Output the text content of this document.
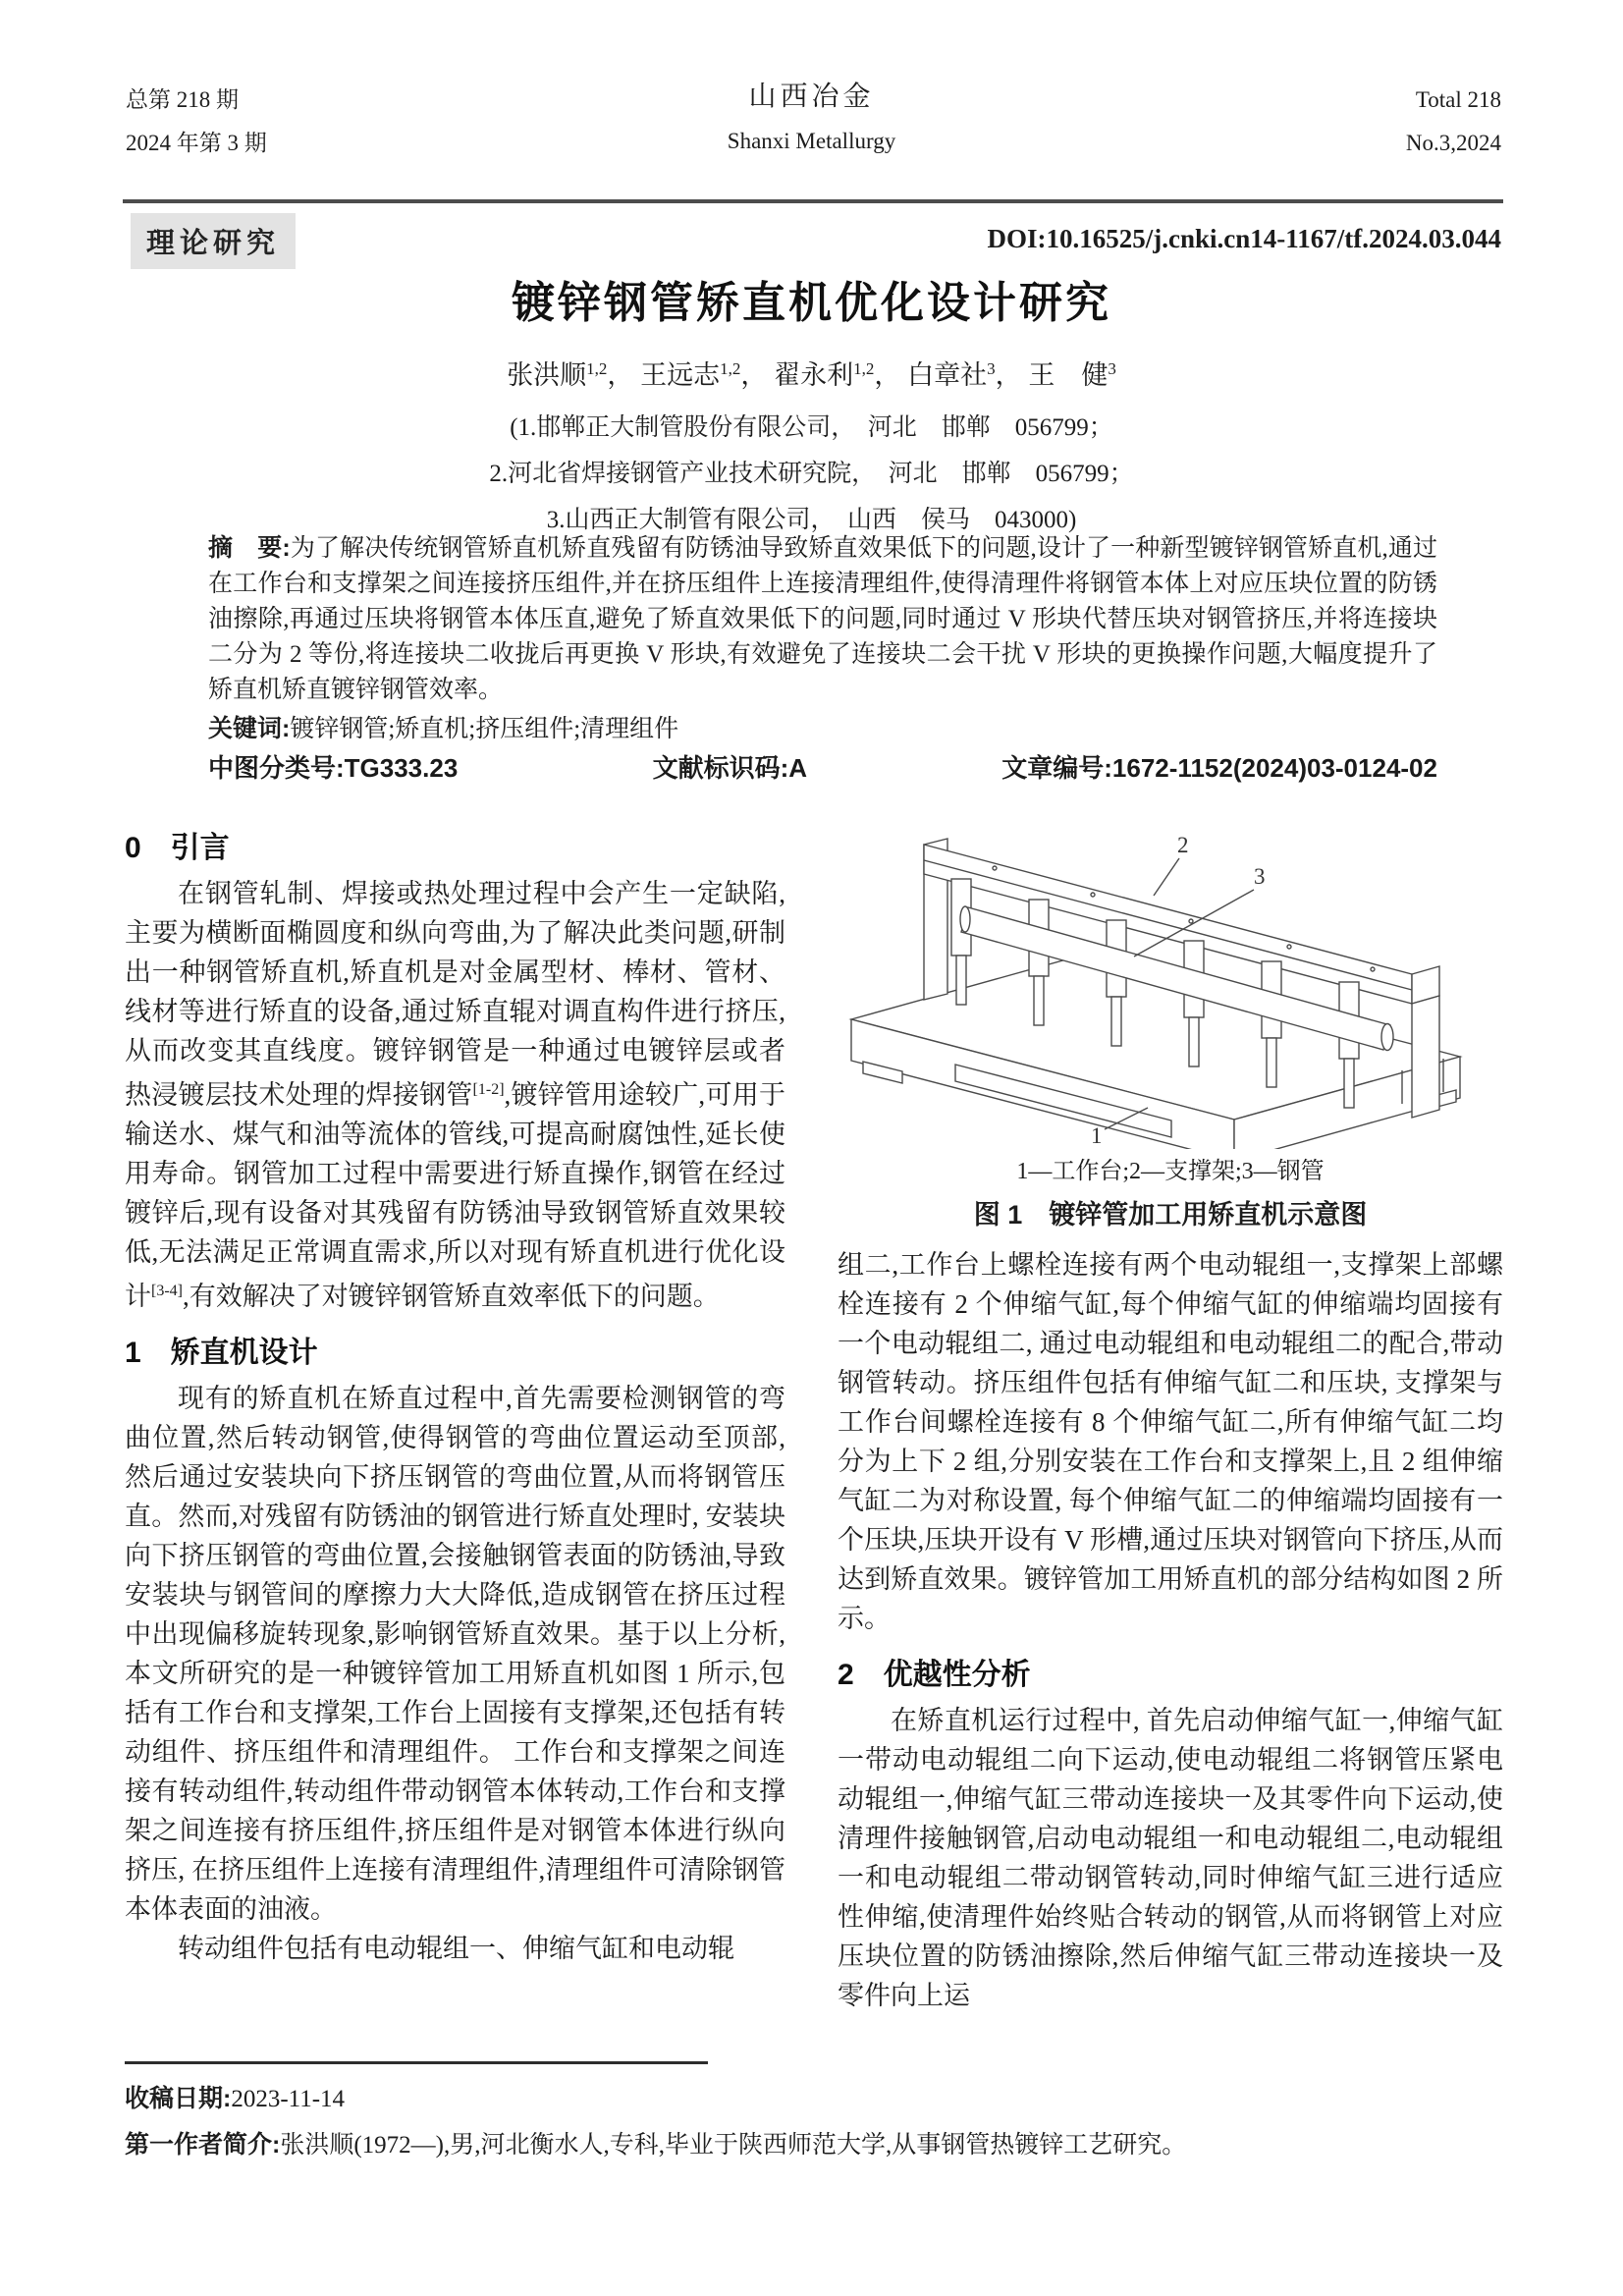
总第 218 期
2024 年第 3 期
山西冶金
Shanxi Metallurgy
Total 218
No.3,2024
理论研究	DOI:10.16525/j.cnki.cn14-1167/tf.2024.03.044
镀锌钢管矫直机优化设计研究
张洪顺$^{1,2}$， 王远志$^{1,2}$， 翟永利$^{1,2}$， 白章社$^3$， 王　健$^3$
(1.邯郸正大制管股份有限公司，　河北　邯郸　056799；
2.河北省焊接钢管产业技术研究院，　河北　邯郸　056799；
3.山西正大制管有限公司，　山西　侯马　043000)
摘　要:为了解决传统钢管矫直机矫直残留有防锈油导致矫直效果低下的问题,设计了一种新型镀锌钢管矫直机,通过在工作台和支撑架之间连接挤压组件,并在挤压组件上连接清理组件,使得清理件将钢管本体上对应压块位置的防锈油擦除,再通过压块将钢管本体压直,避免了矫直效果低下的问题,同时通过 V 形块代替压块对钢管挤压,并将连接块二分为 2 等份,将连接块二收拢后再更换 V 形块,有效避免了连接块二会干扰 V 形块的更换操作问题,大幅度提升了矫直机矫直镀锌钢管效率。
关键词:镀锌钢管;矫直机;挤压组件;清理组件
中图分类号:TG333.23	文献标识码:A	文章编号:1672-1152(2024)03-0124-02
0　引言

在钢管轧制、焊接或热处理过程中会产生一定缺陷,主要为横断面椭圆度和纵向弯曲,为了解决此类问题,研制出一种钢管矫直机,矫直机是对金属型材、棒材、管材、线材等进行矫直的设备,通过矫直辊对调直构件进行挤压,从而改变其直线度。镀锌钢管是一种通过电镀锌层或者热浸镀层技术处理的焊接钢管[1-2],镀锌管用途较广,可用于输送水、煤气和油等流体的管线,可提高耐腐蚀性,延长使用寿命。钢管加工过程中需要进行矫直操作,钢管在经过镀锌后,现有设备对其残留有防锈油导致钢管矫直效果较低,无法满足正常调直需求,所以对现有矫直机进行优化设计[3-4],有效解决了对镀锌钢管矫直效率低下的问题。

1　矫直机设计

现有的矫直机在矫直过程中,首先需要检测钢管的弯曲位置,然后转动钢管,使得钢管的弯曲位置运动至顶部, 然后通过安装块向下挤压钢管的弯曲位置,从而将钢管压直。然而,对残留有防锈油的钢管进行矫直处理时, 安装块向下挤压钢管的弯曲位置,会接触钢管表面的防锈油,导致安装块与钢管间的摩擦力大大降低,造成钢管在挤压过程中出现偏移旋转现象,影响钢管矫直效果。基于以上分析,本文所研究的是一种镀锌管加工用矫直机如图 1 所示,包括有工作台和支撑架,工作台上固接有支撑架,还包括有转动组件、挤压组件和清理组件。 工作台和支撑架之间连接有转动组件,转动组件带动钢管本体转动,工作台和支撑架之间连接有挤压组件,挤压组件是对钢管本体进行纵向挤压, 在挤压组件上连接有清理组件,清理组件可清除钢管本体表面的油液。

转动组件包括有电动辊组一、伸缩气缸和电动辊

2
3
1
1—工作台;2—支撑架;3—钢管
图 1　镀锌管加工用矫直机示意图

组二,工作台上螺栓连接有两个电动辊组一,支撑架上部螺栓连接有 2 个伸缩气缸,每个伸缩气缸的伸缩端均固接有一个电动辊组二, 通过电动辊组和电动辊组二的配合,带动钢管转动。挤压组件包括有伸缩气缸二和压块, 支撑架与工作台间螺栓连接有 8 个伸缩气缸二,所有伸缩气缸二均分为上下 2 组,分别安装在工作台和支撑架上,且 2 组伸缩气缸二为对称设置, 每个伸缩气缸二的伸缩端均固接有一个压块,压块开设有 V 形槽,通过压块对钢管向下挤压,从而达到矫直效果。镀锌管加工用矫直机的部分结构如图 2 所示。

2　优越性分析

在矫直机运行过程中, 首先启动伸缩气缸一,伸缩气缸一带动电动辊组二向下运动,使电动辊组二将钢管压紧电动辊组一,伸缩气缸三带动连接块一及其零件向下运动,使清理件接触钢管,启动电动辊组一和电动辊组二,电动辊组一和电动辊组二带动钢管转动,同时伸缩气缸三进行适应性伸缩,使清理件始终贴合转动的钢管,从而将钢管上对应压块位置的防锈油擦除,然后伸缩气缸三带动连接块一及零件向上运

收稿日期:2023-11-14
第一作者简介:张洪顺(1972—),男,河北衡水人,专科,毕业于陕西师范大学,从事钢管热镀锌工艺研究。
